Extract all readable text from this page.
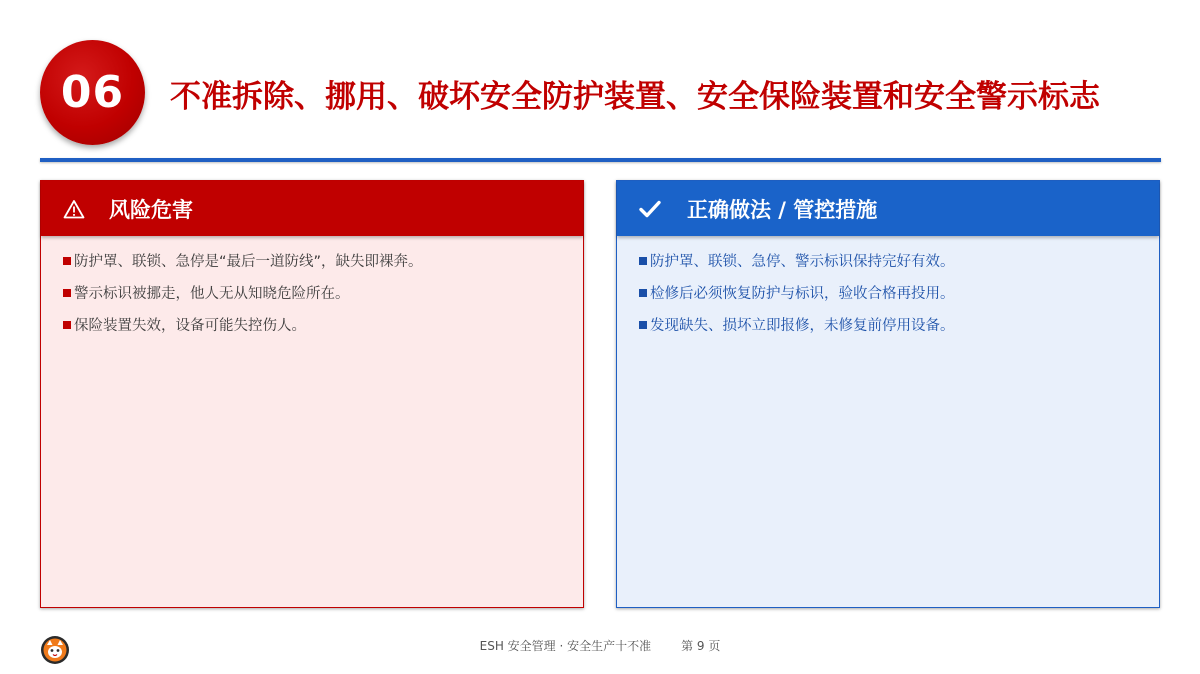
06 不准拆除、挪用、破坏安全防护装置、安全保险装置和安全警示标志
风险危害
防护罩、联锁、急停是“最后一道防线”，缺失即裸奔。
警示标识被挪走，他人无从知晓危险所在。
保险装置失效，设备可能失控伤人。
正确做法 / 管控措施
防护罩、联锁、急停、警示标识保持完好有效。
检修后必须恢复防护与标识，验收合格再投用。
发现缺失、损坏立即报修，未修复前停用设备。
ESH 安全管理 · 安全生产十不准	第 9 页
